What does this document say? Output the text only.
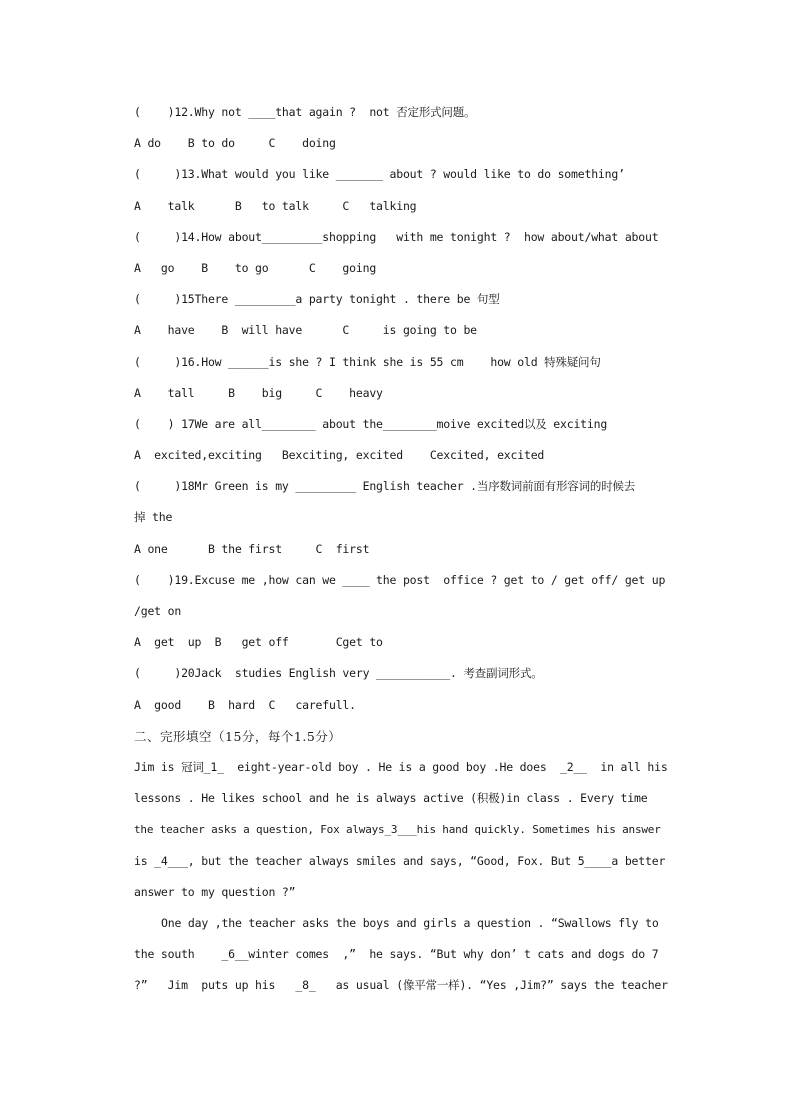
(    )12.Why not ____that again ?  not 否定形式问题。
A do    B to do     C    doing
(     )13.What would you like _______ about ? would like to do something’
A    talk      B   to talk     C   talking
(     )14.How about_________shopping   with me tonight ?  how about/what about
A   go    B    to go      C    going
(     )15There _________a party tonight . there be 句型
A    have    B  will have      C     is going to be
(     )16.How ______is she ? I think she is 55 cm    how old 特殊疑问句
A    tall     B    big     C    heavy
(    ) 17We are all________ about the________moive excited以及 exciting
A  excited,exciting   Bexciting, excited    Cexcited, excited
(     )18Mr Green is my _________ English teacher .当序数词前面有形容词的时候去
掉 the
A one      B the first     C  first
(    )19.Excuse me ,how can we ____ the post  office ? get to / get off/ get up
/get on
A  get  up  B   get off       Cget to
(     )20Jack  studies English very ___________. 考查副词形式。
A  good    B  hard  C   carefull.
二、完形填空（15分，每个1.5分）
Jim is 冠词_1_  eight-year-old boy . He is a good boy .He does  _2__  in all his
lessons . He likes school and he is always active (积极)in class . Every time
the teacher asks a question, Fox always_3___his hand quickly. Sometimes his answer
is _4___, but the teacher always smiles and says, “Good, Fox. But 5____a better
answer to my question ?”
One day ,the teacher asks the boys and girls a question . “Swallows fly to
the south    _6__winter comes  ,”  he says. “But why don’ t cats and dogs do 7
?”   Jim  puts up his   _8_   as usual (像平常一样). “Yes ,Jim?” says the teacher
